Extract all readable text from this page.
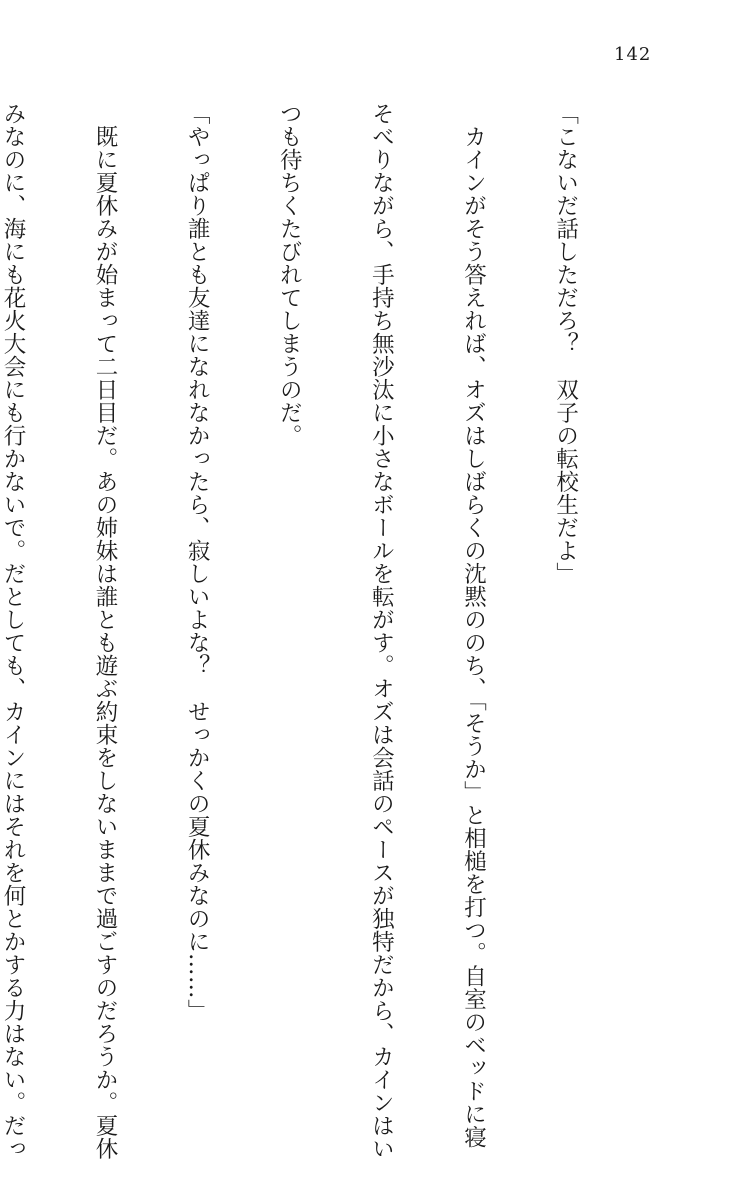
142

「こないだ話しただろ？　双子の転校生だよ」

　カインがそう答えれば、オズはしばらくの沈黙ののち、「そうか」と相槌を打つ。自室のベッドに寝

そべりながら、手持ち無沙汰に小さなボールを転がす。オズは会話のペースが独特だから、カインはい

つも待ちくたびれてしまうのだ。

「やっぱり誰とも友達になれなかったら、寂しいよな？　せっかくの夏休みなのに……」

　既に夏休みが始まって二日目だ。あの姉妹は誰とも遊ぶ約束をしないままで過ごすのだろうか。夏休

みなのに、海にも花火大会にも行かないで。だとしても、カインにはそれを何とかする力はない。だっ
